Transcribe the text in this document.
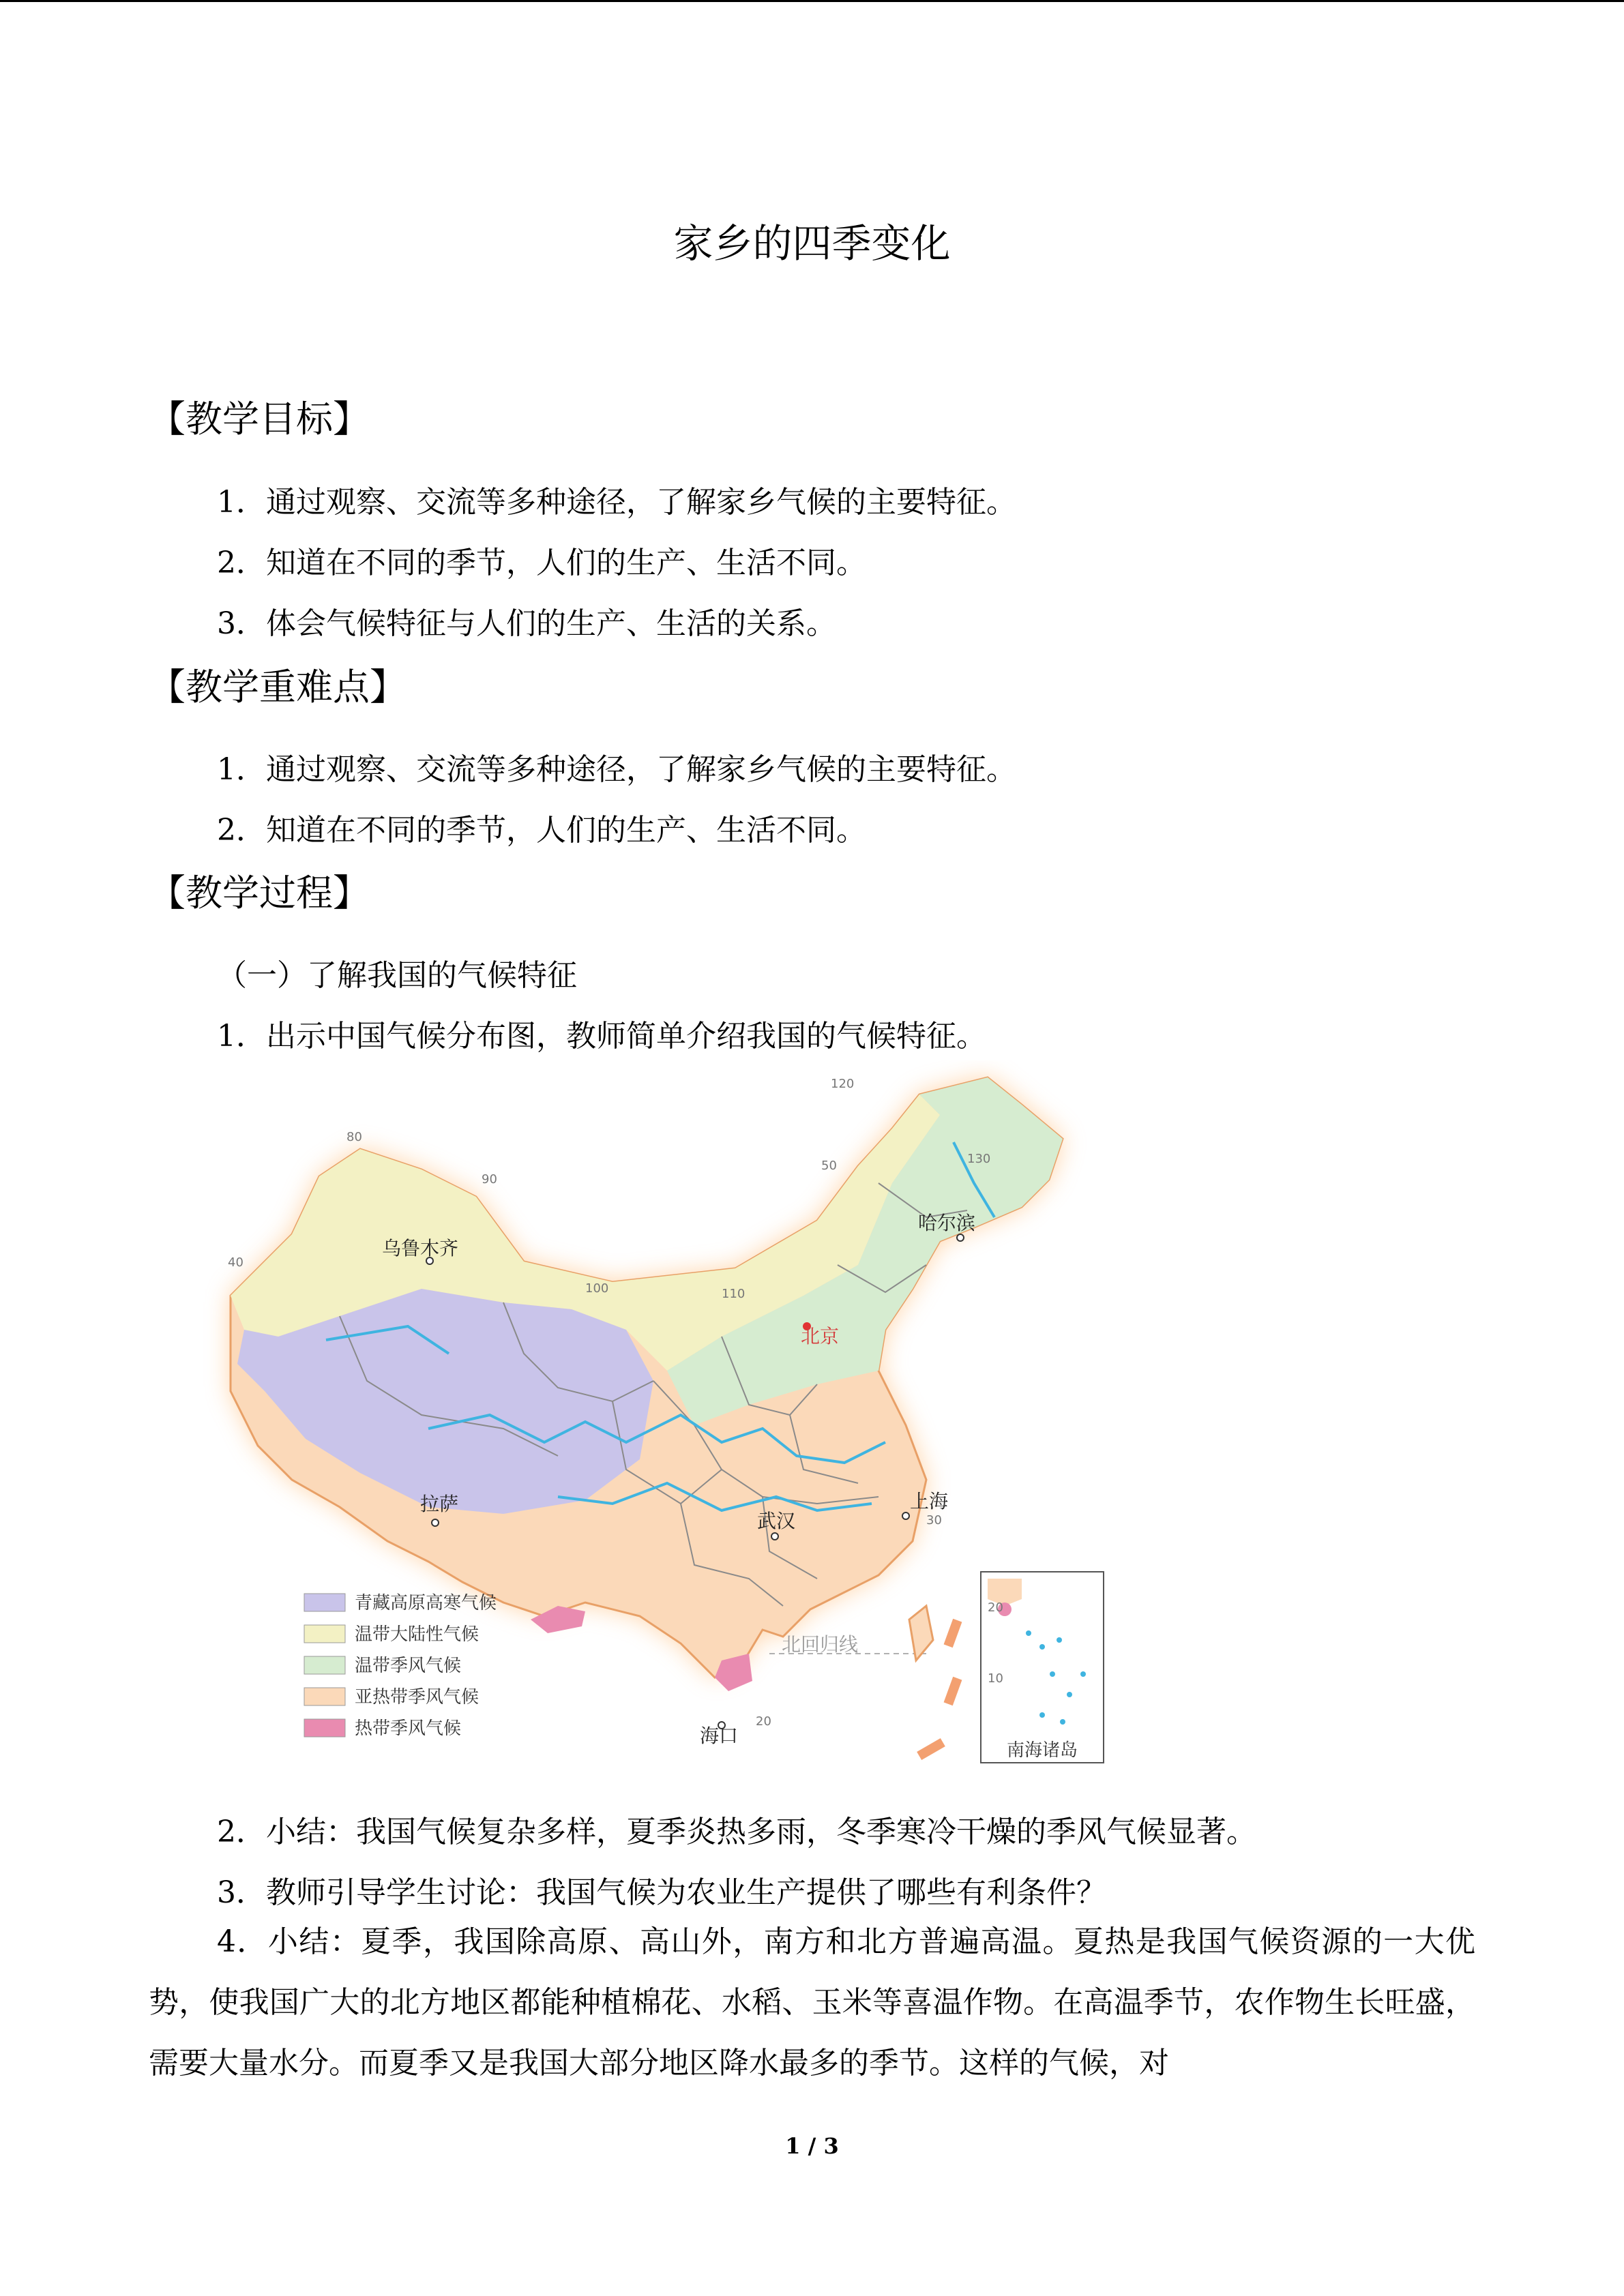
家乡的四季变化
【教学目标】
1．通过观察、交流等多种途径，了解家乡气候的主要特征。
2．知道在不同的季节，人们的生产、生活不同。
3．体会气候特征与人们的生产、生活的关系。
【教学重难点】
1．通过观察、交流等多种途径，了解家乡气候的主要特征。
2．知道在不同的季节，人们的生产、生活不同。
【教学过程】
（一）了解我国的气候特征
1．出示中国气候分布图，教师简单介绍我国的气候特征。
80
90
100	110
120
130
40
50
30
20
乌鲁木齐
哈尔滨
北京
拉萨
武汉
上海
海口
北回归线
20
10
南海诸岛
青藏高原高寒气候
温带大陆性气候
温带季风气候
亚热带季风气候
热带季风气候
2．小结：我国气候复杂多样，夏季炎热多雨，冬季寒冷干燥的季风气候显著。
3．教师引导学生讨论：我国气候为农业生产提供了哪些有利条件？
4．小结：夏季，我国除高原、高山外，南方和北方普遍高温。夏热是我国气候资源的一大优势，使我国广大的北方地区都能种植棉花、水稻、玉米等喜温作物。在高温季节，农作物生长旺盛，需要大量水分。而夏季又是我国大部分地区降水最多的季节。这样的气候，对
1 / 3
